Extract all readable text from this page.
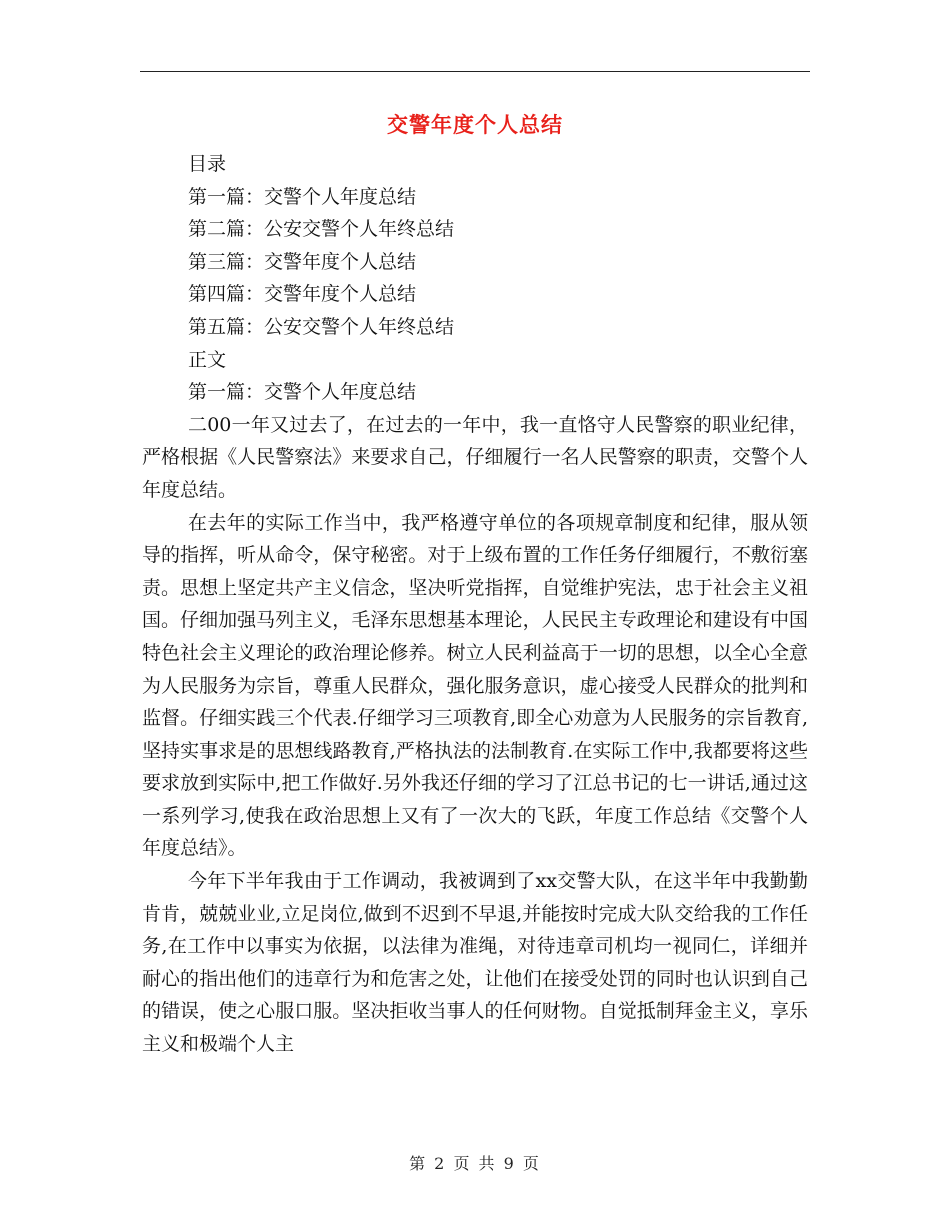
交警年度个人总结

目录

第一篇：交警个人年度总结

第二篇：公安交警个人年终总结

第三篇：交警年度个人总结

第四篇：交警年度个人总结

第五篇：公安交警个人年终总结

正文

第一篇：交警个人年度总结

二00一年又过去了，在过去的一年中，我一直恪守人民警察的职业纪律，严格根据《人民警察法》来要求自己，仔细履行一名人民警察的职责，交警个人年度总结。

在去年的实际工作当中，我严格遵守单位的各项规章制度和纪律，服从领导的指挥，听从命令，保守秘密。对于上级布置的工作任务仔细履行，不敷衍塞责。思想上坚定共产主义信念，坚决听党指挥，自觉维护宪法，忠于社会主义祖国。仔细加强马列主义，毛泽东思想基本理论，人民民主专政理论和建设有中国特色社会主义理论的政治理论修养。树立人民利益高于一切的思想，以全心全意为人民服务为宗旨，尊重人民群众，强化服务意识，虚心接受人民群众的批判和监督。仔细实践三个代表.仔细学习三项教育,即全心劝意为人民服务的宗旨教育,坚持实事求是的思想线路教育,严格执法的法制教育.在实际工作中,我都要将这些要求放到实际中,把工作做好.另外我还仔细的学习了江总书记的七一讲话,通过这一系列学习,使我在政治思想上又有了一次大的飞跃，年度工作总结《交警个人年度总结》。

今年下半年我由于工作调动，我被调到了xx交警大队，在这半年中我勤勤肯肯，兢兢业业,立足岗位,做到不迟到不早退,并能按时完成大队交给我的工作任务,在工作中以事实为依据，以法律为准绳，对待违章司机均一视同仁，详细并耐心的指出他们的违章行为和危害之处，让他们在接受处罚的同时也认识到自己的错误，使之心服口服。坚决拒收当事人的任何财物。自觉抵制拜金主义，享乐主义和极端个人主

第 2 页 共 9 页
